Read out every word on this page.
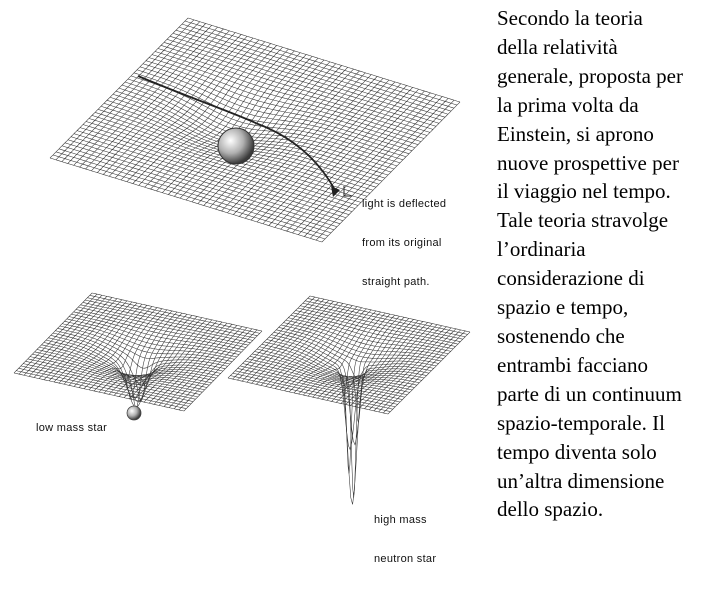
light is deflected

from its original

straight path.

low mass star

high mass

neutron star

Secondo la teoria
della relatività
generale, proposta per
la prima volta da
Einstein, si aprono
nuove prospettive per
il viaggio nel tempo.
Tale teoria stravolge
l’ordinaria
considerazione di
spazio e tempo,
sostenendo che
entrambi facciano
parte di un continuum
spazio-temporale. Il
tempo diventa solo
un’altra dimensione
dello spazio.
